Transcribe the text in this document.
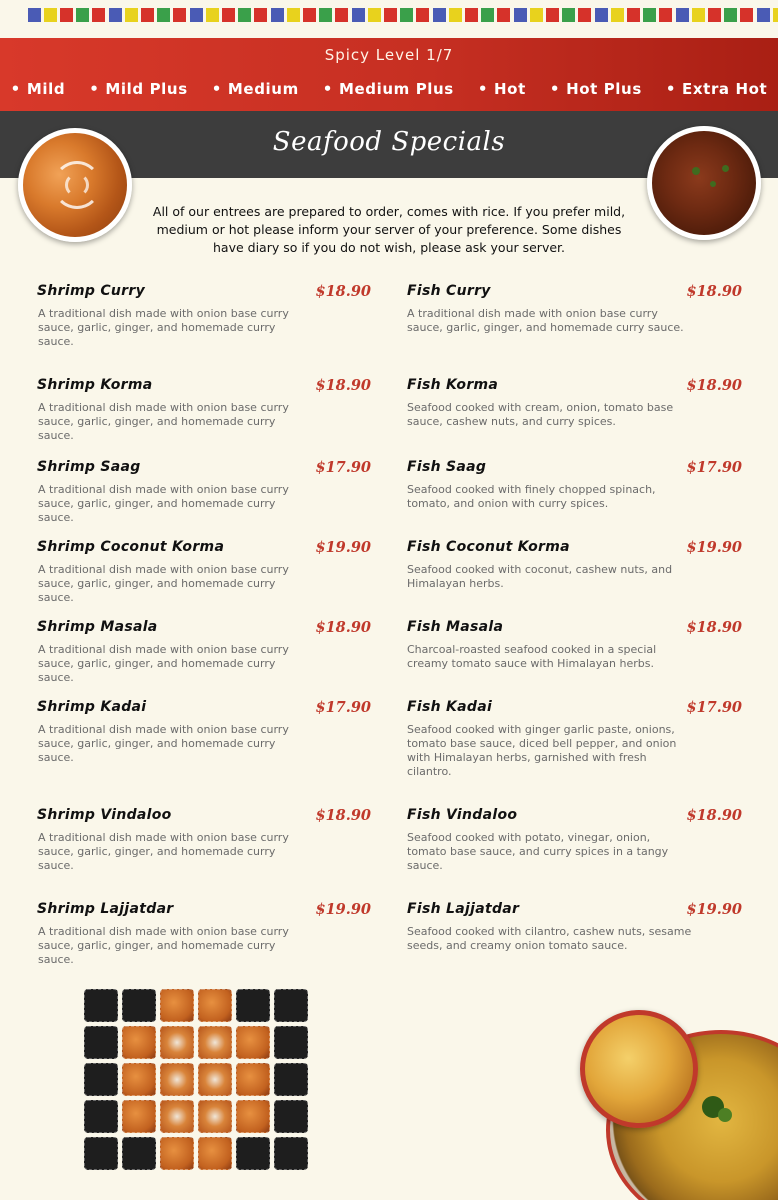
Spicy Level 1/7
• Mild	• Mild Plus	• Medium	• Medium Plus	• Hot	• Hot Plus	• Extra Hot
Seafood Specials
All of our entrees are prepared to order, comes with rice. If you prefer mild, medium or hot please inform your server of your preference. Some dishes have diary so if you do not wish, please ask your server.
Shrimp Curry	$18.90
A traditional dish made with onion base curry sauce, garlic, ginger, and homemade curry sauce.
Shrimp Korma	$18.90
A traditional dish made with onion base curry sauce, garlic, ginger, and homemade curry sauce.
Shrimp Saag	$17.90
A traditional dish made with onion base curry sauce, garlic, ginger, and homemade curry sauce.
Shrimp Coconut Korma	$19.90
A traditional dish made with onion base curry sauce, garlic, ginger, and homemade curry sauce.
Shrimp Masala	$18.90
A traditional dish made with onion base curry sauce, garlic, ginger, and homemade curry sauce.
Shrimp Kadai	$17.90
A traditional dish made with onion base curry sauce, garlic, ginger, and homemade curry sauce.
Shrimp Vindaloo	$18.90
A traditional dish made with onion base curry sauce, garlic, ginger, and homemade curry sauce.
Shrimp Lajjatdar	$19.90
A traditional dish made with onion base curry sauce, garlic, ginger, and homemade curry sauce.
Fish Curry	$18.90
A traditional dish made with onion base curry sauce, garlic, ginger, and homemade curry sauce.
Fish Korma	$18.90
Seafood cooked with cream, onion, tomato base sauce, cashew nuts, and curry spices.
Fish Saag	$17.90
Seafood cooked with finely chopped spinach, tomato, and onion with curry spices.
Fish Coconut Korma	$19.90
Seafood cooked with coconut, cashew nuts, and Himalayan herbs.
Fish Masala	$18.90
Charcoal-roasted seafood cooked in a special creamy tomato sauce with Himalayan herbs.
Fish Kadai	$17.90
Seafood cooked with ginger garlic paste, onions, tomato base sauce, diced bell pepper, and onion with Himalayan herbs, garnished with fresh cilantro.
Fish Vindaloo	$18.90
Seafood cooked with potato, vinegar, onion, tomato base sauce, and curry spices in a tangy sauce.
Fish Lajjatdar	$19.90
Seafood cooked with cilantro, cashew nuts, sesame seeds, and creamy onion tomato sauce.
